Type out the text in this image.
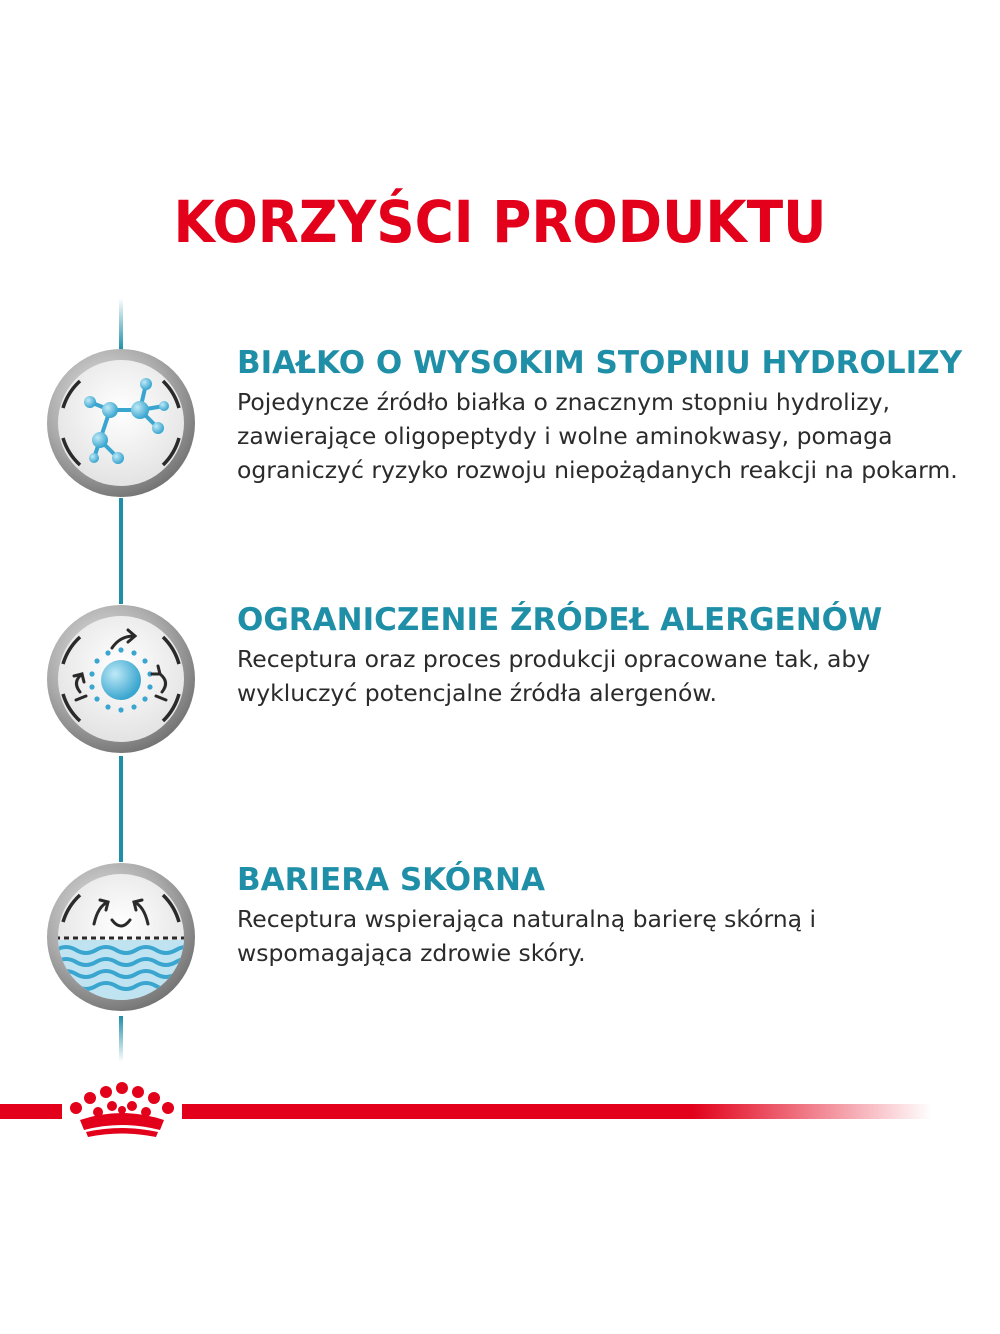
KORZYŚCI PRODUKTU
BIAŁKO O WYSOKIM STOPNIU HYDROLIZY
Pojedyncze źródło białka o znacznym stopniu hydrolizy, zawierające oligopeptydy i wolne aminokwasy, pomaga ograniczyć ryzyko rozwoju niepożądanych reakcji na pokarm.
OGRANICZENIE ŹRÓDEŁ ALERGENÓW
Receptura oraz proces produkcji opracowane tak, aby wykluczyć potencjalne źródła alergenów.
BARIERA SKÓRNA
Receptura wspierająca naturalną barierę skórną i wspomagająca zdrowie skóry.
